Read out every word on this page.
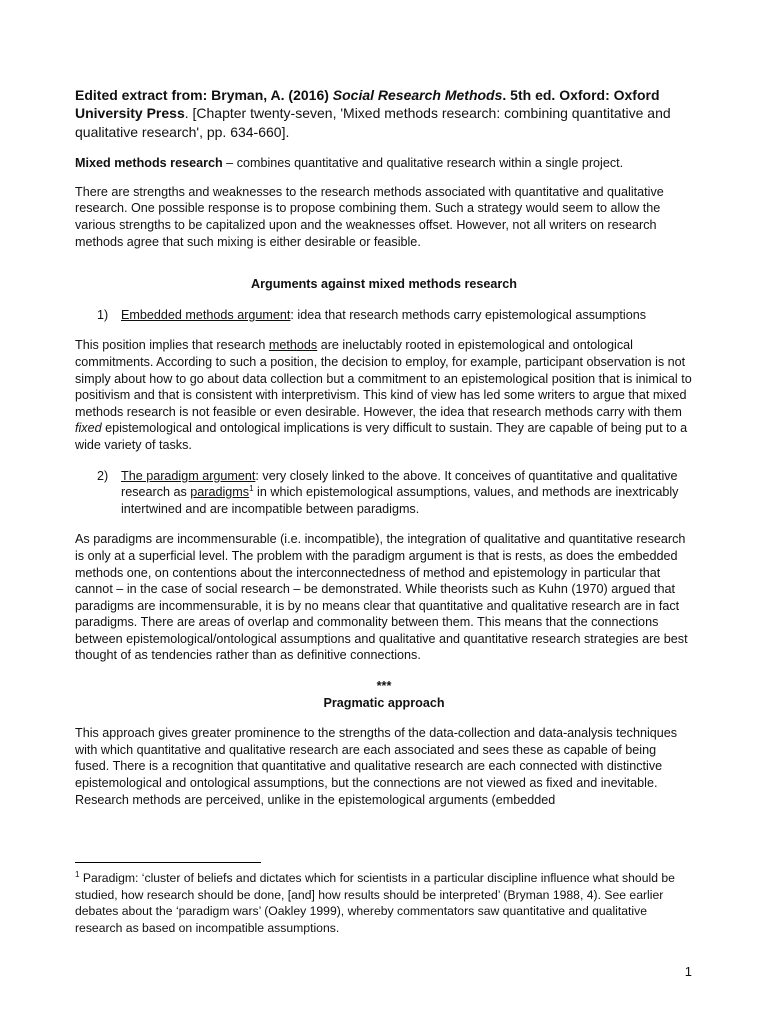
Edited extract from: Bryman, A. (2016) Social Research Methods. 5th ed. Oxford: Oxford University Press. [Chapter twenty-seven, 'Mixed methods research: combining quantitative and qualitative research', pp. 634-660].

Mixed methods research – combines quantitative and qualitative research within a single project.

There are strengths and weaknesses to the research methods associated with quantitative and qualitative research. One possible response is to propose combining them. Such a strategy would seem to allow the various strengths to be capitalized upon and the weaknesses offset. However, not all writers on research methods agree that such mixing is either desirable or feasible.

Arguments against mixed methods research

1)	Embedded methods argument: idea that research methods carry epistemological assumptions

This position implies that research methods are ineluctably rooted in epistemological and ontological commitments. According to such a position, the decision to employ, for example, participant observation is not simply about how to go about data collection but a commitment to an epistemological position that is inimical to positivism and that is consistent with interpretivism. This kind of view has led some writers to argue that mixed methods research is not feasible or even desirable. However, the idea that research methods carry with them fixed epistemological and ontological implications is very difficult to sustain. They are capable of being put to a wide variety of tasks.

2)	The paradigm argument: very closely linked to the above. It conceives of quantitative and qualitative research as paradigms$^1$ in which epistemological assumptions, values, and methods are inextricably intertwined and are incompatible between paradigms.

As paradigms are incommensurable (i.e. incompatible), the integration of qualitative and quantitative research is only at a superficial level. The problem with the paradigm argument is that is rests, as does the embedded methods one, on contentions about the interconnectedness of method and epistemology in particular that cannot – in the case of social research – be demonstrated. While theorists such as Kuhn (1970) argued that paradigms are incommensurable, it is by no means clear that quantitative and qualitative research are in fact paradigms. There are areas of overlap and commonality between them. This means that the connections between epistemological/ontological assumptions and qualitative and quantitative research strategies are best thought of as tendencies rather than as definitive connections.

***

Pragmatic approach

This approach gives greater prominence to the strengths of the data-collection and data-analysis techniques with which quantitative and qualitative research are each associated and sees these as capable of being fused. There is a recognition that quantitative and qualitative research are each connected with distinctive epistemological and ontological assumptions, but the connections are not viewed as fixed and inevitable. Research methods are perceived, unlike in the epistemological arguments (embedded

$^1$ Paradigm: ‘cluster of beliefs and dictates which for scientists in a particular discipline influence what should be studied, how research should be done, [and] how results should be interpreted’ (Bryman 1988, 4). See earlier debates about the ‘paradigm wars’ (Oakley 1999), whereby commentators saw quantitative and qualitative research as based on incompatible assumptions.
1
